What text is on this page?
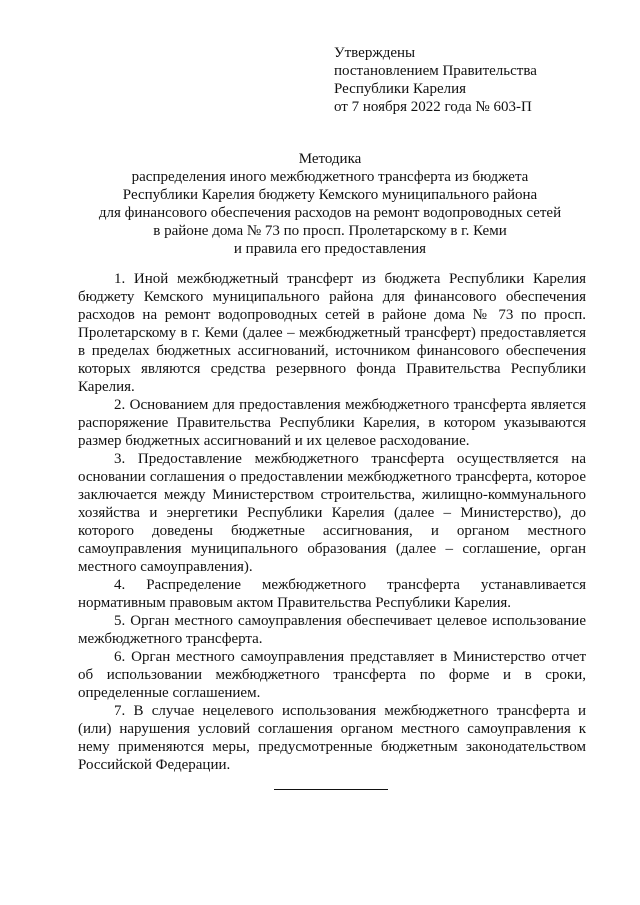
Утверждены
постановлением Правительства
Республики Карелия
от 7 ноября 2022 года № 603-П
Методика
распределения иного межбюджетного трансферта из бюджета
Республики Карелия бюджету Кемского муниципального района
для финансового обеспечения расходов на ремонт водопроводных сетей
в районе дома № 73 по просп. Пролетарскому в г. Кеми
и правила его предоставления

1. Иной межбюджетный трансферт из бюджета Республики Карелия бюджету Кемского муниципального района для финансового обеспечения расходов на ремонт водопроводных сетей в районе дома № 73 по просп. Пролетарскому в г. Кеми (далее – межбюджетный трансферт) предоставляется в пределах бюджетных ассигнований, источником финансового обеспечения которых являются средства резервного фонда Правительства Республики Карелия.

2. Основанием для предоставления межбюджетного трансферта является распоряжение Правительства Республики Карелия, в котором указываются размер бюджетных ассигнований и их целевое расходование.

3. Предоставление межбюджетного трансферта осуществляется на основании соглашения о предоставлении межбюджетного трансферта, которое заключается между Министерством строительства, жилищно-коммунального хозяйства и энергетики Республики Карелия (далее – Министерство), до которого доведены бюджетные ассигнования, и органом местного самоуправления муниципального образования (далее – соглашение, орган местного самоуправления).

4. Распределение межбюджетного трансферта устанавливается нормативным правовым актом Правительства Республики Карелия.

5. Орган местного самоуправления обеспечивает целевое использование межбюджетного трансферта.

6. Орган местного самоуправления представляет в Министерство отчет об использовании межбюджетного трансферта по форме и в сроки, определенные соглашением.

7. В случае нецелевого использования межбюджетного трансферта и (или) нарушения условий соглашения органом местного самоуправления к нему применяются меры, предусмотренные бюджетным законодательством Российской Федерации.
